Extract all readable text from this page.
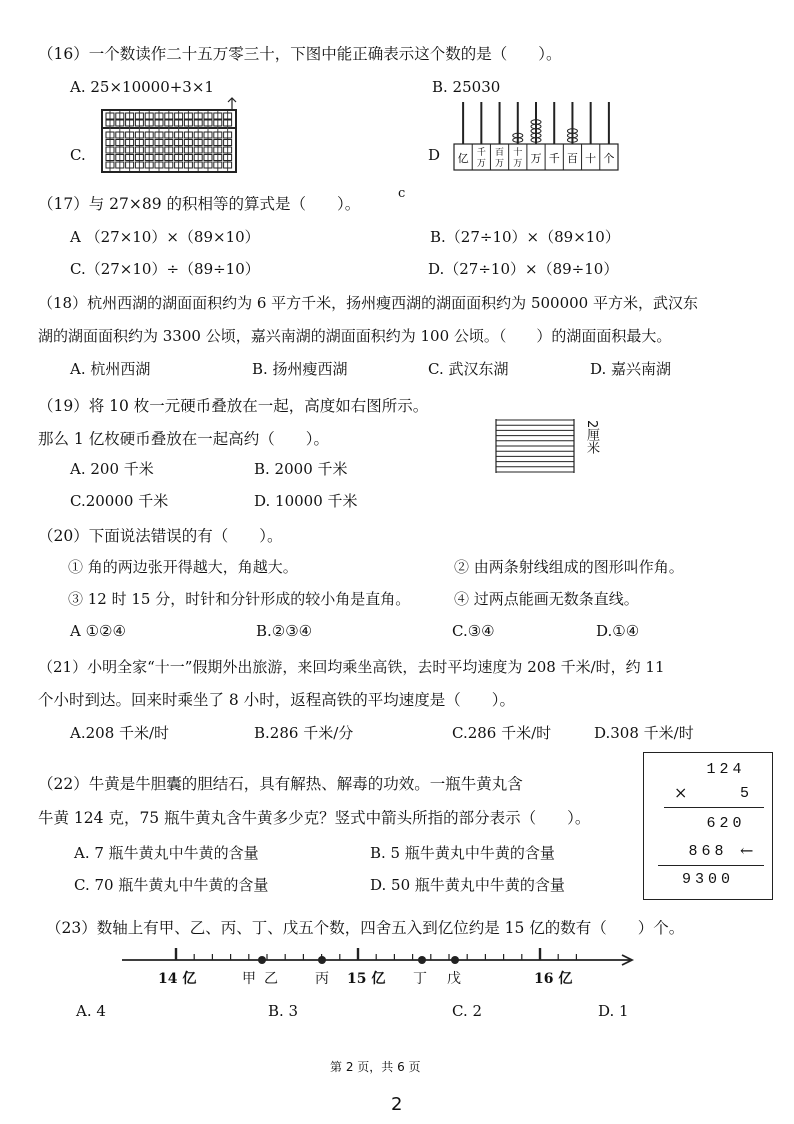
（16）一个数读作二十五万零三十，下图中能正确表示这个数的是（　　）。
A. 25×10000+3×1	B. 25030
C.	D 亿 千万
百万
十万 万 千 百 十 个
（17）与 27×89 的积相等的算式是（　　）。
c
A （27×10）×（89×10）	B.（27÷10）×（89×10）
C.（27×10）÷（89÷10）	D.（27÷10）×（89÷10）
（18）杭州西湖的湖面面积约为 6 平方千米，扬州瘦西湖的湖面面积约为 500000 平方米，武汉东
湖的湖面面积约为 3300 公顷，嘉兴南湖的湖面面积约为 100 公顷。（　　）的湖面面积最大。
A. 杭州西湖	B. 扬州瘦西湖	C. 武汉东湖	D. 嘉兴南湖
（19）将 10 枚一元硬币叠放在一起，高度如右图所示。
那么 1 亿枚硬币叠放在一起高约（　　）。
A. 200 千米	B. 2000 千米
C.20000 千米	D. 10000 千米
2厘米
（20）下面说法错误的有（　　）。
① 角的两边张开得越大，角越大。	② 由两条射线组成的图形叫作角。
③ 12 时 15 分，时针和分针形成的较小角是直角。	④ 过两点能画无数条直线。
A ①②④	B.②③④	C.③④	D.①④
（21）小明全家“十一”假期外出旅游，来回均乘坐高铁，去时平均速度为 208 千米/时，约 11
个小时到达。回来时乘坐了 8 小时，返程高铁的平均速度是（　　）。
A.208 千米/时	B.286 千米/分	C.286 千米/时	D.308 千米/时
（22）牛黄是牛胆囊的胆结石，具有解热、解毒的功效。一瓶牛黄丸含
牛黄 124 克，75 瓶牛黄丸含牛黄多少克？竖式中箭头所指的部分表示（　　）。
A. 7 瓶牛黄丸中牛黄的含量	B. 5 瓶牛黄丸中牛黄的含量
C. 70 瓶牛黄丸中牛黄的含量	D. 50 瓶牛黄丸中牛黄的含量
124
×	5
620
868 ←
9300
（23）数轴上有甲、乙、丙、丁、戊五个数，四舍五入到亿位约是 15 亿的数有（　　）个。
14 亿	甲 乙	丙 15 亿 丁 戊	16 亿
A. 4	B. 3	C. 2	D. 1
第 2 页，共 6 页
2
